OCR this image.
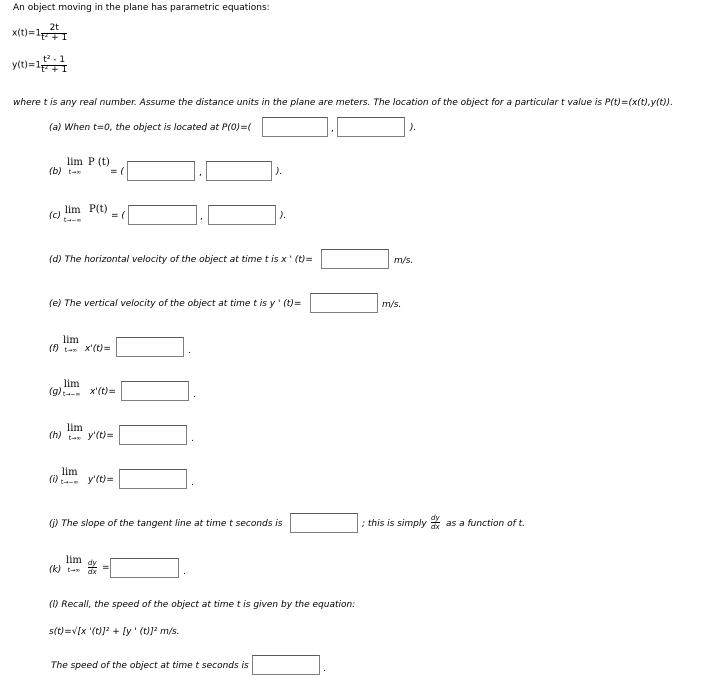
An object moving in the plane has parametric equations:
$x(t)=1 \frac{2t}{\text{t² + 1}}$
$y(t)=1 \frac{\text{t² - 1}}{\text{t² + 1}}$
where t is any real number. Assume the distance units in the plane are meters. The location of the object for a particular t value is P(t)=(x(t),y(t)).
(a) When t=0, the object is located at P(0)=(	,	).
(b)
lim
t→∞
P (t)
= (	,	).
(c) lim
t→−∞
P(t)
= (	,	).
(d) The horizontal velocity of the object at time t is x ' (t)=	m/s.
(e) The vertical velocity of the object at time t is y ' (t)=	m/s.
(f)
lim
t→∞ x'(t)=	.
(g)
lim
t→−∞ x'(t)=	.
(h)
lim
t→∞ y'(t)=	.
(i)
lim
t→−∞ y'(t)=	.
(j) The slope of the tangent line at time t seconds is	; this is simply
dy
dx as a function of t.
(k)
lim
t→∞
dy
dx =	.
(l) Recall, the speed of the object at time t is given by the equation:
s(t)=√[x '(t)]² + [y ' (t)]² m/s.
The speed of the object at time t seconds is	.
